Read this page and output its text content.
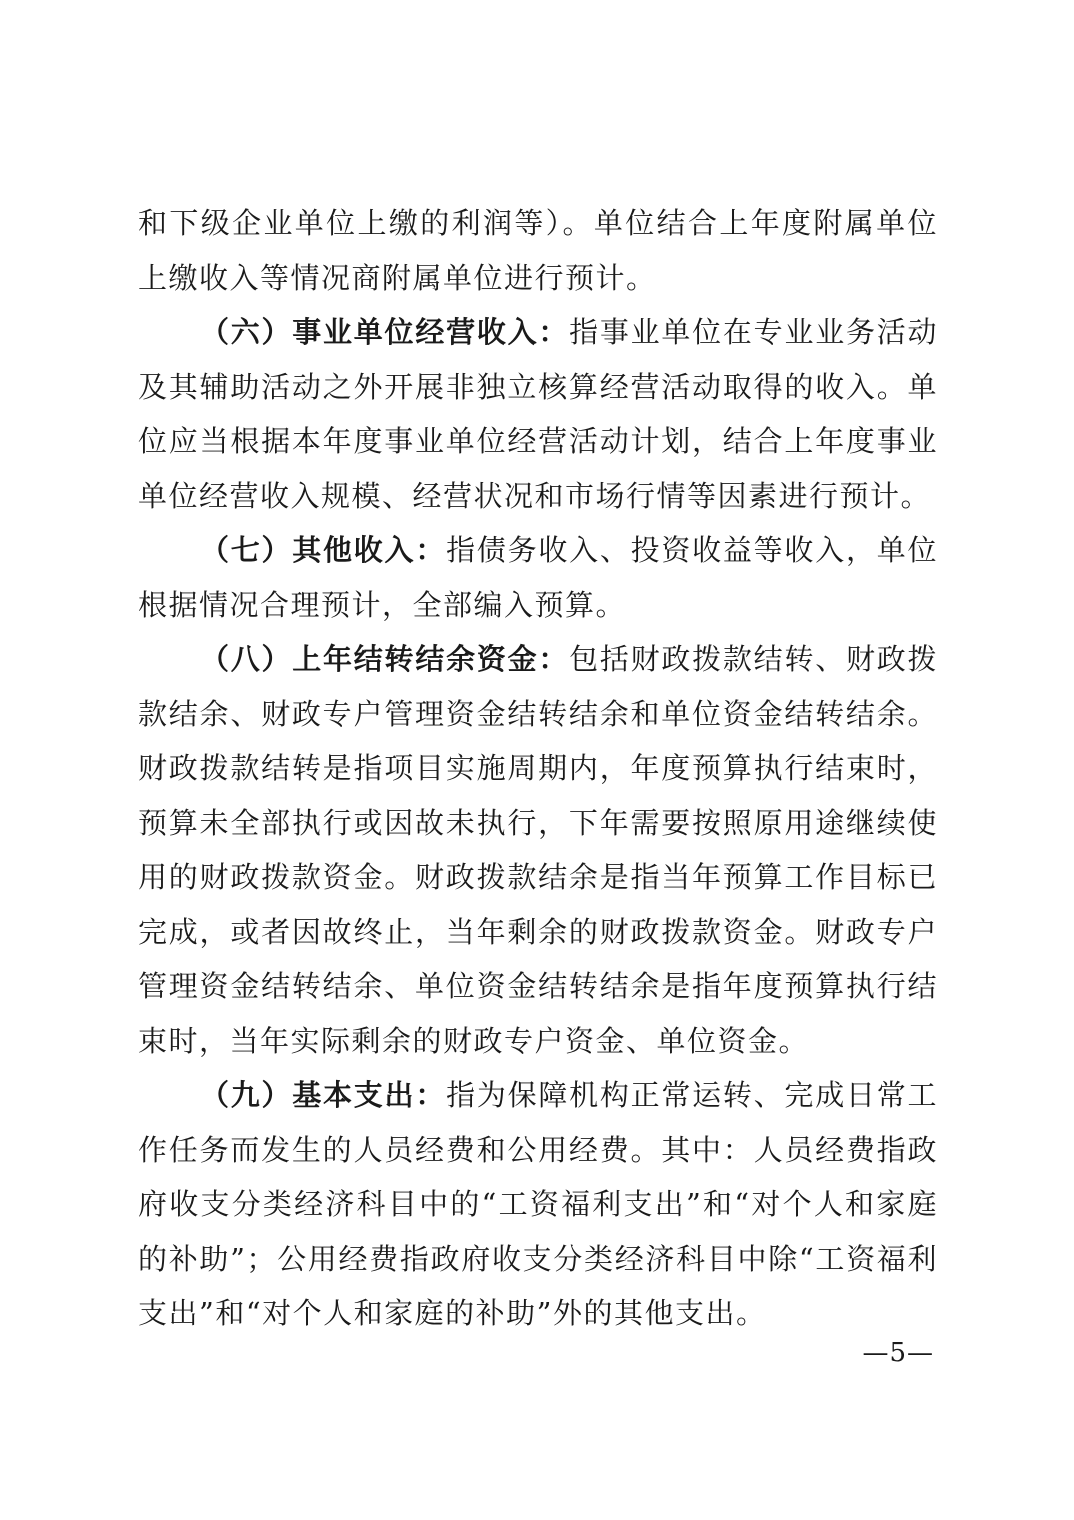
和下级企业单位上缴的利润等）。单位结合上年度附属单位上缴收入等情况商附属单位进行预计。

（六）事业单位经营收入：指事业单位在专业业务活动及其辅助活动之外开展非独立核算经营活动取得的收入。单位应当根据本年度事业单位经营活动计划，结合上年度事业单位经营收入规模、经营状况和市场行情等因素进行预计。

（七）其他收入：指债务收入、投资收益等收入，单位根据情况合理预计，全部编入预算。

（八）上年结转结余资金：包括财政拨款结转、财政拨款结余、财政专户管理资金结转结余和单位资金结转结余。财政拨款结转是指项目实施周期内，年度预算执行结束时，预算未全部执行或因故未执行，下年需要按照原用途继续使用的财政拨款资金。财政拨款结余是指当年预算工作目标已完成，或者因故终止，当年剩余的财政拨款资金。财政专户管理资金结转结余、单位资金结转结余是指年度预算执行结束时，当年实际剩余的财政专户资金、单位资金。

（九）基本支出：指为保障机构正常运转、完成日常工作任务而发生的人员经费和公用经费。其中：人员经费指政府收支分类经济科目中的“工资福利支出”和“对个人和家庭的补助”；公用经费指政府收支分类经济科目中除“工资福利支出”和“对个人和家庭的补助”外的其他支出。

—5—
